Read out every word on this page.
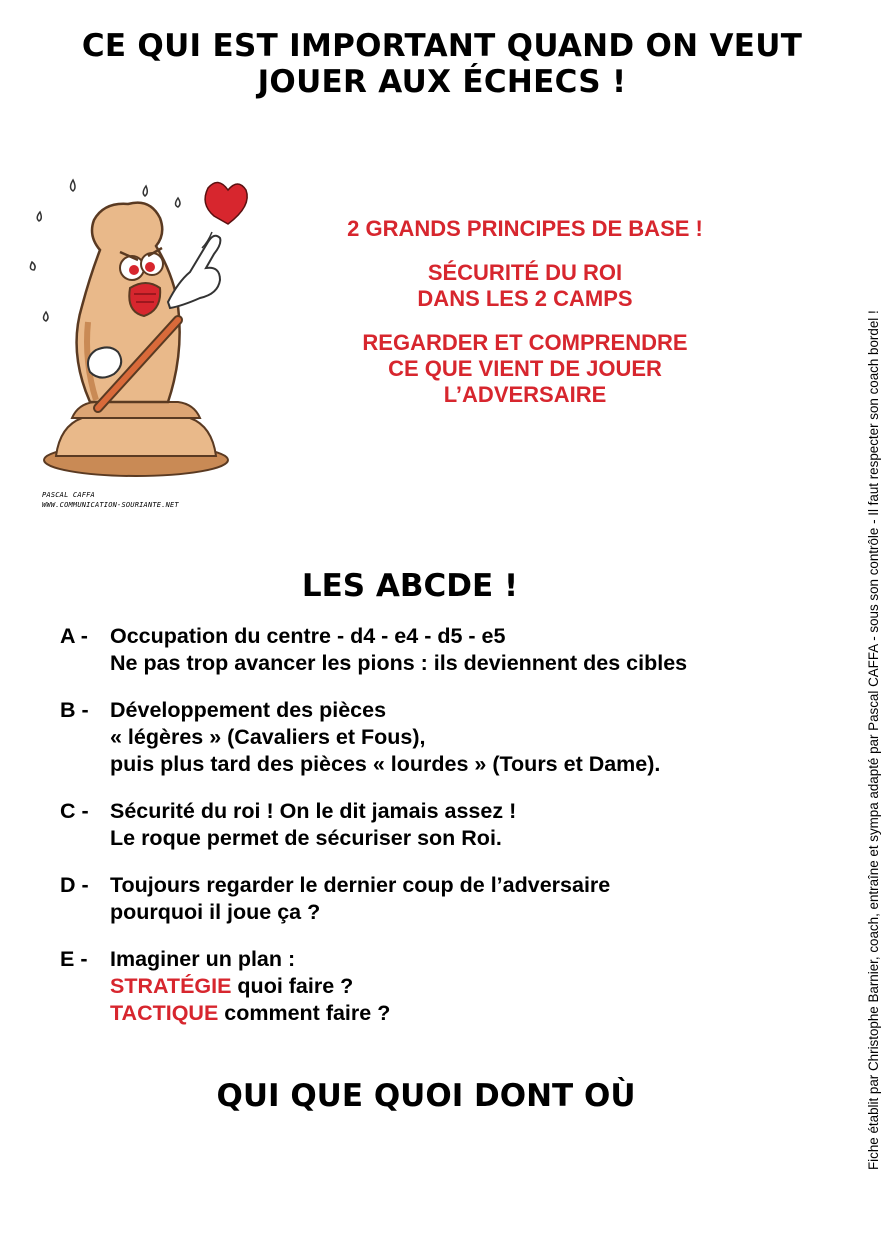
CE QUI EST IMPORTANT QUAND ON VEUT
JOUER AUX ÉCHECS !
PASCAL CAFFA
WWW.COMMUNICATION-SOURIANTE.NET
2 GRANDS PRINCIPES DE BASE !
SÉCURITÉ DU ROI
DANS LES 2 CAMPS
REGARDER ET COMPRENDRE
CE QUE VIENT DE JOUER
L’ADVERSAIRE
LES ABCDE !
A -	Occupation du centre - d4 - e4 - d5 - e5
Ne pas trop avancer les pions : ils deviennent des cibles
B - Développement des pièces
« légères » (Cavaliers et Fous),
puis plus tard des pièces « lourdes » (Tours et Dame).
C - Sécurité du roi ! On le dit jamais assez !
Le roque permet de sécuriser son Roi.
D - Toujours regarder le dernier coup de l’adversaire
pourquoi il joue ça ?
E -	Imaginer un plan :
STRATÉGIE quoi faire ?
TACTIQUE comment faire ?
QUI QUE QUOI DONT OÙ	Fiche établit par Christophe Barnier, coach, entraîne et sympa adapté par Pascal CAFFA - sous son contrôle - Il faut respecter son coach bordel !
